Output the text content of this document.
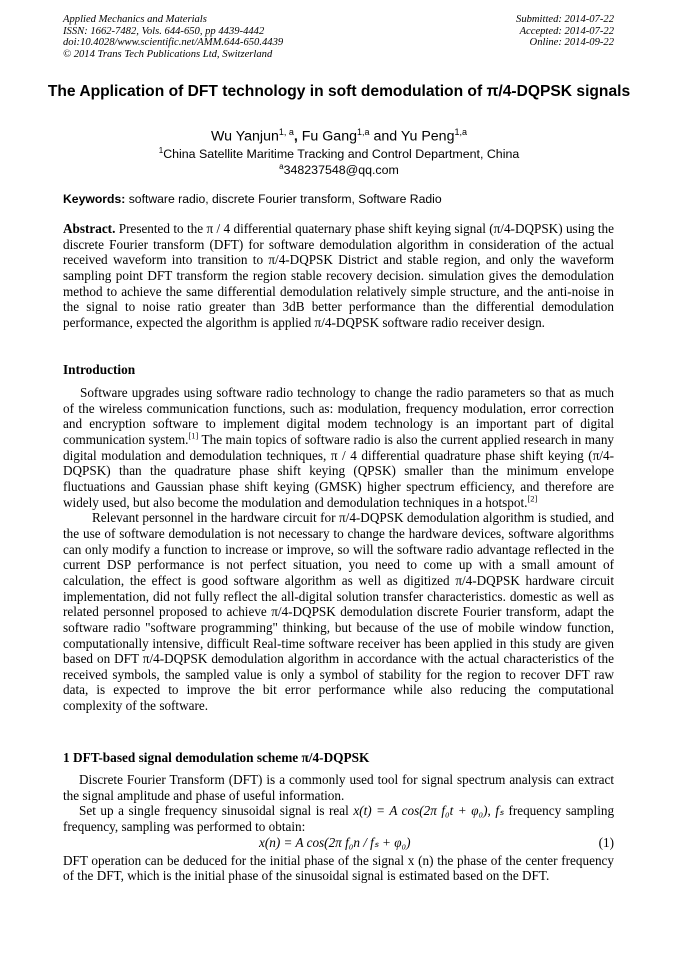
Applied Mechanics and Materials
ISSN: 1662-7482, Vols. 644-650, pp 4439-4442
doi:10.4028/www.scientific.net/AMM.644-650.4439
© 2014 Trans Tech Publications Ltd, Switzerland
Submitted: 2014-07-22
Accepted: 2014-07-22
Online: 2014-09-22
The Application of DFT technology in soft demodulation of π/4-DQPSK signals
Wu Yanjun$^{1, a}$, Fu Gang$^{1,a}$ and Yu Peng$^{1,a}$
$^1$China Satellite Maritime Tracking and Control Department, China
$^a$348237548@qq.com
Keywords: software radio, discrete Fourier transform, Software Radio

Abstract. Presented to the π / 4 differential quaternary phase shift keying signal (π/4-DQPSK) using the discrete Fourier transform (DFT) for software demodulation algorithm in consideration of the actual received waveform into transition to π/4-DQPSK District and stable region, and only the waveform sampling point DFT transform the region stable recovery decision. simulation gives the demodulation method to achieve the same differential demodulation relatively simple structure, and the anti-noise in the signal to noise ratio greater than 3dB better performance than the differential demodulation performance, expected the algorithm is applied π/4-DQPSK software radio receiver design.

Introduction

Software upgrades using software radio technology to change the radio parameters so that as much of the wireless communication functions, such as: modulation, frequency modulation, error correction and encryption software to implement digital modem technology is an important part of digital communication system.[1] The main topics of software radio is also the current applied research in many digital modulation and demodulation techniques, π / 4 differential quadrature phase shift keying (π/4-DQPSK) than the quadrature phase shift keying (QPSK) smaller than the minimum envelope fluctuations and Gaussian phase shift keying (GMSK) higher spectrum efficiency, and therefore are widely used, but also become the modulation and demodulation techniques in a hotspot.[2]

Relevant personnel in the hardware circuit for π/4-DQPSK demodulation algorithm is studied, and the use of software demodulation is not necessary to change the hardware devices, software algorithms can only modify a function to increase or improve, so will the software radio advantage reflected in the current DSP performance is not perfect situation, you need to come up with a small amount of calculation, the effect is good software algorithm as well as digitized π/4-DQPSK hardware circuit implementation, did not fully reflect the all-digital solution transfer characteristics. domestic as well as related personnel proposed to achieve π/4-DQPSK demodulation discrete Fourier transform, adapt the software radio "software programming" thinking, but because of the use of mobile window function, computationally intensive, difficult Real-time software receiver has been applied in this study are given based on DFT π/4-DQPSK demodulation algorithm in accordance with the actual characteristics of the received symbols, the sampled value is only a symbol of stability for the region to recover DFT raw data, is expected to improve the bit error performance while also reducing the computational complexity of the software.

1 DFT-based signal demodulation scheme π/4-DQPSK

Discrete Fourier Transform (DFT) is a commonly used tool for signal spectrum analysis can extract the signal amplitude and phase of useful information.

Set up a single frequency sinusoidal signal is real x(t) = A cos(2π f₀t + φ₀), fₛ frequency sampling frequency, sampling was performed to obtain:

x(n) = A cos(2π f₀n / fₛ + φ₀)	(1)

DFT operation can be deduced for the initial phase of the signal x (n) the phase of the center frequency of the DFT, which is the initial phase of the sinusoidal signal is estimated based on the DFT.
